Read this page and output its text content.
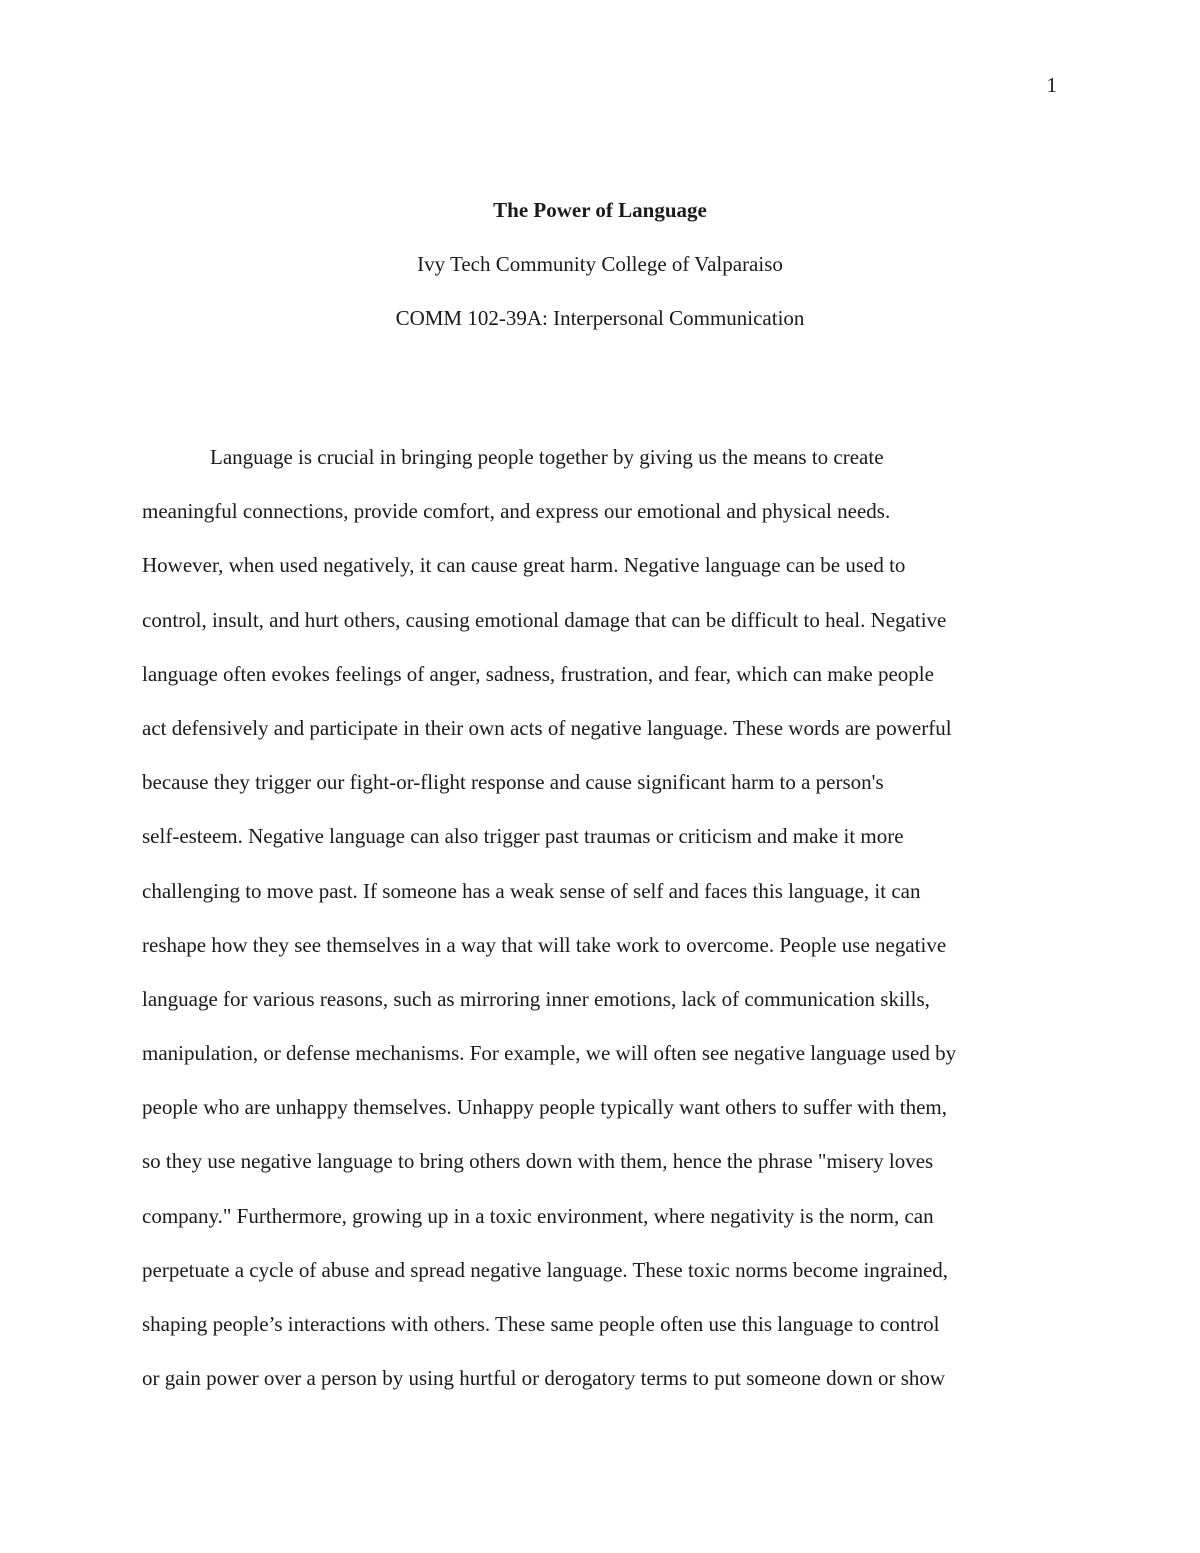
1

The Power of Language

Ivy Tech Community College of Valparaiso

COMM 102-39A: Interpersonal Communication

Language is crucial in bringing people together by giving us the means to create
meaningful connections, provide comfort, and express our emotional and physical needs.
However, when used negatively, it can cause great harm. Negative language can be used to
control, insult, and hurt others, causing emotional damage that can be difficult to heal. Negative
language often evokes feelings of anger, sadness, frustration, and fear, which can make people
act defensively and participate in their own acts of negative language. These words are powerful
because they trigger our fight-or-flight response and cause significant harm to a person's
self-esteem. Negative language can also trigger past traumas or criticism and make it more
challenging to move past. If someone has a weak sense of self and faces this language, it can
reshape how they see themselves in a way that will take work to overcome. People use negative
language for various reasons, such as mirroring inner emotions, lack of communication skills,
manipulation, or defense mechanisms. For example, we will often see negative language used by
people who are unhappy themselves. Unhappy people typically want others to suffer with them,
so they use negative language to bring others down with them, hence the phrase "misery loves
company." Furthermore, growing up in a toxic environment, where negativity is the norm, can
perpetuate a cycle of abuse and spread negative language. These toxic norms become ingrained,
shaping people’s interactions with others. These same people often use this language to control
or gain power over a person by using hurtful or derogatory terms to put someone down or show
